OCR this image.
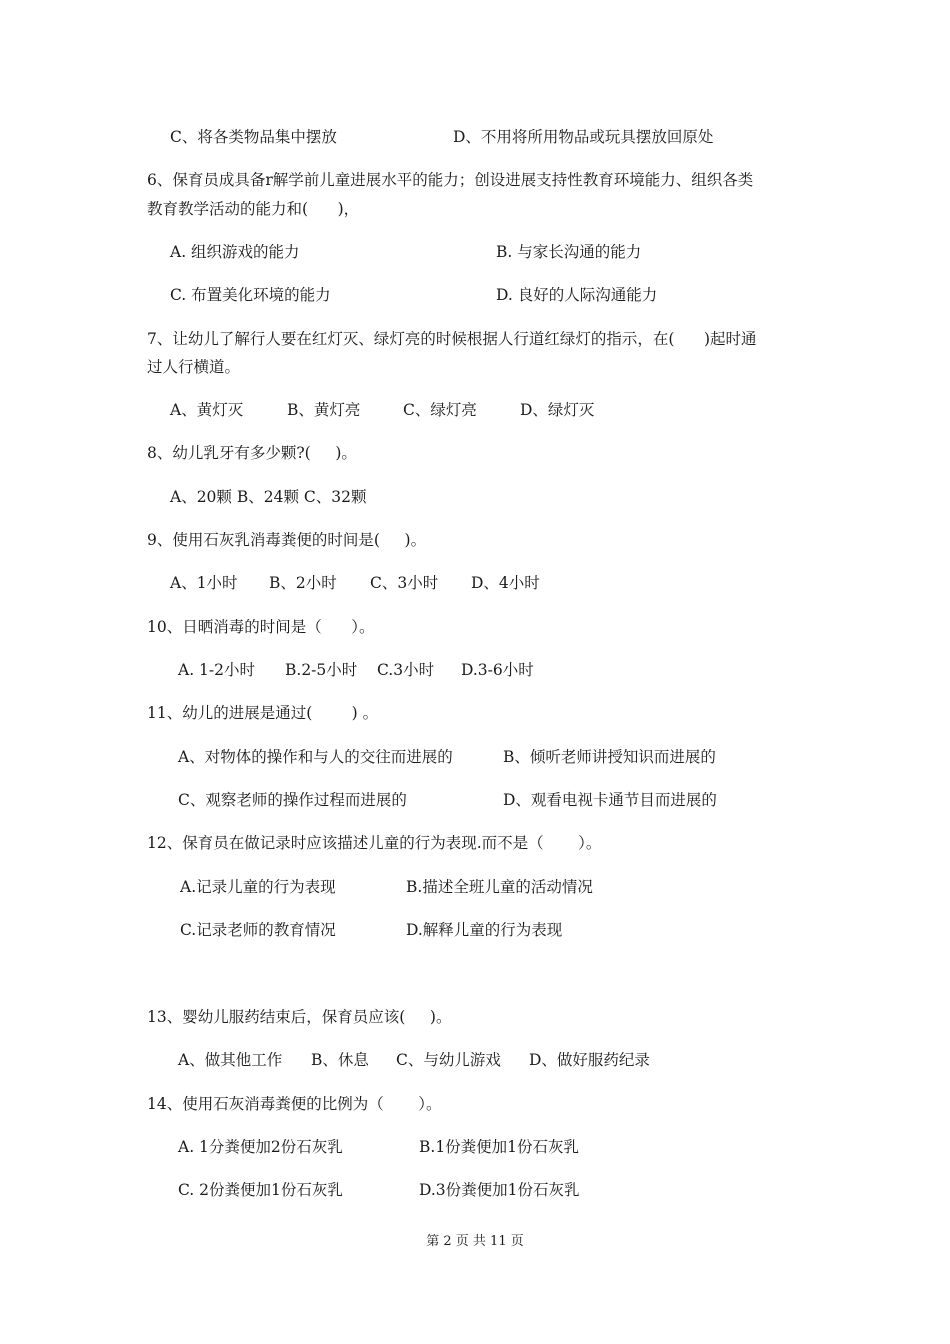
C、将各类物品集中摆放

	D、不用将所用物品或玩具摆放回原处

6、保育员成具备r解学前儿童进展水平的能力；创设进展支持性教育环境能力、组织各类
教育教学活动的能力和(      )，

A. 组织游戏的能力

	B. 与家长沟通的能力

C. 布置美化环境的能力

	D. 良好的人际沟通能力

7、让幼儿了解行人要在红灯灭、绿灯亮的时候根据人行道红绿灯的指示，在(      )起时通
过人行横道。

A、黄灯灭

	B、黄灯亮

	C、绿灯亮

	D、绿灯灭

8、幼儿乳牙有多少颗?(     )。
A、20颗 B、24颗 C、32颗
9、使用石灰乳消毒粪便的时间是(     )。

A、1小时

B、2小时

C、3小时

D、4小时

10、日晒消毒的时间是（      ）。

A. 1-2小时

B.2-5小时

C.3小时

D.3-6小时

11、幼儿的进展是通过(        ) 。

A、对物体的操作和与人的交往而进展的

	B、倾听老师讲授知识而进展的

C、观察老师的操作过程而进展的

	D、观看电视卡通节目而进展的

12、保育员在做记录时应该描述儿童的行为表现.而不是（       ）。

A.记录儿童的行为表现

	B.描述全班儿童的活动情况

C.记录老师的教育情况

	D.解释儿童的行为表现

13、婴幼儿服药结束后，保育员应该(     )。

A、做其他工作

B、休息

C、与幼儿游戏

D、做好服药纪录

14、使用石灰消毒粪便的比例为（       ）。

A. 1分粪便加2份石灰乳

	B.1份粪便加1份石灰乳

C. 2份粪便加1份石灰乳

	D.3份粪便加1份石灰乳

第 2 页 共 11 页
